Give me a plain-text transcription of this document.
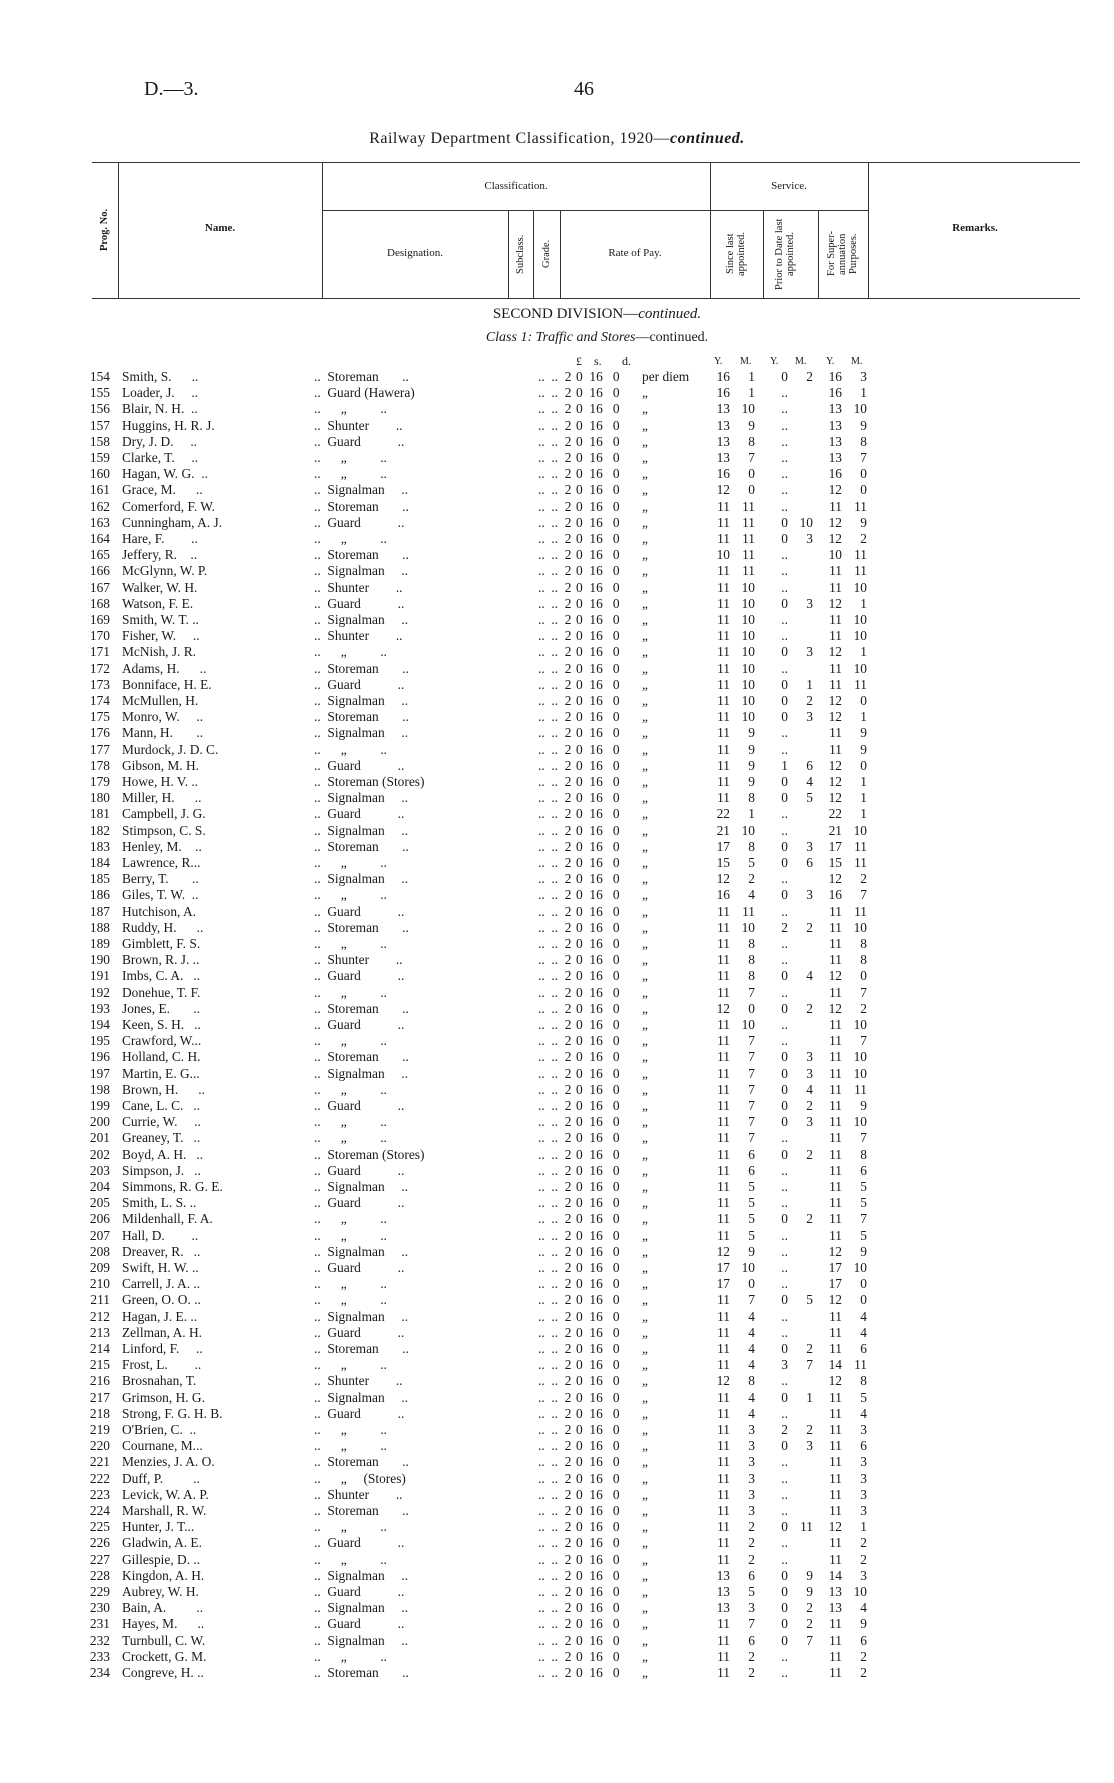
D.—3.	46
Railway Department Classification, 1920—continued.
Prog. No.	Name.
Classification.
Designation.	Subclass. Grade.	Rate of Pay.
Service.
Since last appointed.	Prior to Date last appointed.	For Super-annuation Purposes.
Remarks.
SECOND DIVISION—continued.
Class 1: Traffic and Stores—continued.
£ s. d.	Y. M. Y. M. Y. M.
154 Smith, S.      ..	..  Storeman       ..	..  ..  2 0  16   0 per diem	16	1	0	2	16	3
155 Loader, J.     ..	..  Guard (Hawera)	..  ..  2 0  16   0 „	16	1	..	16	1
156 Blair, N. H.  ..	..      „          ..	..  ..  2 0  16   0 „	13 10	..	13 10
157 Huggins, H. R. J.	..  Shunter        ..	..  ..  2 0  16   0 „	13	9	..	13	9
158 Dry, J. D.     ..	..  Guard           ..	..  ..  2 0  16   0 „	13	8	..	13	8
159 Clarke, T.     ..	..      „          ..	..  ..  2 0  16   0 „	13	7	..	13	7
160 Hagan, W. G.  ..	..      „          ..	..  ..  2 0  16   0 „	16	0	..	16	0
161 Grace, M.      ..	..  Signalman     ..	..  ..  2 0  16   0 „	12	0	..	12	0
162 Comerford, F. W.	..  Storeman       ..	..  ..  2 0  16   0 „	11 11	..	11 11
163 Cunningham, A. J.	..  Guard           ..	..  ..  2 0  16   0 „	11 11	0 10	12	9
164 Hare, F.        ..	..      „          ..	..  ..  2 0  16   0 „	11 11	0	3	12	2
165 Jeffery, R.    ..	..  Storeman       ..	..  ..  2 0  16   0 „	10 11	..	10 11
166 McGlynn, W. P.	..  Signalman     ..	..  ..  2 0  16   0 „	11 11	..	11 11
167 Walker, W. H.	..  Shunter        ..	..  ..  2 0  16   0 „	11 10	..	11 10
168 Watson, F. E.	..  Guard           ..	..  ..  2 0  16   0 „	11 10	0	3	12	1
169 Smith, W. T. ..	..  Signalman     ..	..  ..  2 0  16   0 „	11 10	..	11 10
170 Fisher, W.     ..	..  Shunter        ..	..  ..  2 0  16   0 „	11 10	..	11 10
171 McNish, J. R.	..      „          ..	..  ..  2 0  16   0 „	11 10	0	3	12	1
172 Adams, H.      ..	..  Storeman       ..	..  ..  2 0  16   0 „	11 10	..	11 10
173 Bonniface, H. E.	..  Guard           ..	..  ..  2 0  16   0 „	11 10	0	1	11 11
174 McMullen, H.	..  Signalman     ..	..  ..  2 0  16   0 „	11 10	0	2	12	0
175 Monro, W.     ..	..  Storeman       ..	..  ..  2 0  16   0 „	11 10	0	3	12	1
176 Mann, H.       ..	..  Signalman     ..	..  ..  2 0  16   0 „	11	9	..	11	9
177 Murdock, J. D. C.	..      „          ..	..  ..  2 0  16   0 „	11	9	..	11	9
178 Gibson, M. H.	..  Guard           ..	..  ..  2 0  16   0 „	11	9	1	6	12	0
179 Howe, H. V. ..	..  Storeman (Stores)	..  ..  2 0  16   0 „	11	9	0	4	12	1
180 Miller, H.      ..	..  Signalman     ..	..  ..  2 0  16   0 „	11	8	0	5	12	1
181 Campbell, J. G.	..  Guard           ..	..  ..  2 0  16   0 „	22	1	..	22	1
182 Stimpson, C. S.	..  Signalman     ..	..  ..  2 0  16   0 „	21 10	..	21 10
183 Henley, M.    ..	..  Storeman       ..	..  ..  2 0  16   0 „	17	8	0	3	17 11
184 Lawrence, R...	..      „          ..	..  ..  2 0  16   0 „	15	5	0	6	15 11
185 Berry, T.       ..	..  Signalman     ..	..  ..  2 0  16   0 „	12	2	..	12	2
186 Giles, T. W.  ..	..      „          ..	..  ..  2 0  16   0 „	16	4	0	3	16	7
187 Hutchison, A.	..  Guard           ..	..  ..  2 0  16   0 „	11 11	..	11 11
188 Ruddy, H.      ..	..  Storeman       ..	..  ..  2 0  16   0 „	11 10	2	2	11 10
189 Gimblett, F. S.	..      „          ..	..  ..  2 0  16   0 „	11	8	..	11	8
190 Brown, R. J. ..	..  Shunter        ..	..  ..  2 0  16   0 „	11	8	..	11	8
191 Imbs, C. A.   ..	..  Guard           ..	..  ..  2 0  16   0 „	11	8	0	4	12	0
192 Donehue, T. F.	..      „          ..	..  ..  2 0  16   0 „	11	7	..	11	7
193 Jones, E.       ..	..  Storeman       ..	..  ..  2 0  16   0 „	12	0	0	2	12	2
194 Keen, S. H.   ..	..  Guard           ..	..  ..  2 0  16   0 „	11 10	..	11 10
195 Crawford, W...	..      „          ..	..  ..  2 0  16   0 „	11	7	..	11	7
196 Holland, C. H.	..  Storeman       ..	..  ..  2 0  16   0 „	11	7	0	3	11 10
197 Martin, E. G...	..  Signalman     ..	..  ..  2 0  16   0 „	11	7	0	3	11 10
198 Brown, H.      ..	..      „          ..	..  ..  2 0  16   0 „	11	7	0	4	11 11
199 Cane, L. C.   ..	..  Guard           ..	..  ..  2 0  16   0 „	11	7	0	2	11	9
200 Currie, W.     ..	..      „          ..	..  ..  2 0  16   0 „	11	7	0	3	11 10
201 Greaney, T.   ..	..      „          ..	..  ..  2 0  16   0 „	11	7	..	11	7
202 Boyd, A. H.   ..	..  Storeman (Stores)	..  ..  2 0  16   0 „	11	6	0	2	11	8
203 Simpson, J.   ..	..  Guard           ..	..  ..  2 0  16   0 „	11	6	..	11	6
204 Simmons, R. G. E.	..  Signalman     ..	..  ..  2 0  16   0 „	11	5	..	11	5
205 Smith, L. S. ..	..  Guard           ..	..  ..  2 0  16   0 „	11	5	..	11	5
206 Mildenhall, F. A.	..      „          ..	..  ..  2 0  16   0 „	11	5	0	2	11	7
207 Hall, D.        ..	..      „          ..	..  ..  2 0  16   0 „	11	5	..	11	5
208 Dreaver, R.   ..	..  Signalman     ..	..  ..  2 0  16   0 „	12	9	..	12	9
209 Swift, H. W. ..	..  Guard           ..	..  ..  2 0  16   0 „	17 10	..	17 10
210 Carrell, J. A. ..	..      „          ..	..  ..  2 0  16   0 „	17	0	..	17	0
211 Green, O. O. ..	..      „          ..	..  ..  2 0  16   0 „	11	7	0	5	12	0
212 Hagan, J. E. ..	..  Signalman     ..	..  ..  2 0  16   0 „	11	4	..	11	4
213 Zellman, A. H.	..  Guard           ..	..  ..  2 0  16   0 „	11	4	..	11	4
214 Linford, F.     ..	..  Storeman       ..	..  ..  2 0  16   0 „	11	4	0	2	11	6
215 Frost, L.        ..	..      „          ..	..  ..  2 0  16   0 „	11	4	3	7	14 11
216 Brosnahan, T.	..  Shunter        ..	..  ..  2 0  16   0 „	12	8	..	12	8
217 Grimson, H. G.	..  Signalman     ..	..  ..  2 0  16   0 „	11	4	0	1	11	5
218 Strong, F. G. H. B.	..  Guard           ..	..  ..  2 0  16   0 „	11	4	..	11	4
219 O'Brien, C.  ..	..      „          ..	..  ..  2 0  16   0 „	11	3	2	2	11	3
220 Cournane, M...	..      „          ..	..  ..  2 0  16   0 „	11	3	0	3	11	6
221 Menzies, J. A. O.	..  Storeman       ..	..  ..  2 0  16   0 „	11	3	..	11	3
222 Duff, P.         ..	..      „     (Stores)	..  ..  2 0  16   0 „	11	3	..	11	3
223 Levick, W. A. P.	..  Shunter        ..	..  ..  2 0  16   0 „	11	3	..	11	3
224 Marshall, R. W.	..  Storeman       ..	..  ..  2 0  16   0 „	11	3	..	11	3
225 Hunter, J. T...	..      „          ..	..  ..  2 0  16   0 „	11	2	0 11	12	1
226 Gladwin, A. E.	..  Guard           ..	..  ..  2 0  16   0 „	11	2	..	11	2
227 Gillespie, D. ..	..      „          ..	..  ..  2 0  16   0 „	11	2	..	11	2
228 Kingdon, A. H.	..  Signalman     ..	..  ..  2 0  16   0 „	13	6	0	9	14	3
229 Aubrey, W. H.	..  Guard           ..	..  ..  2 0  16   0 „	13	5	0	9	13 10
230 Bain, A.         ..	..  Signalman     ..	..  ..  2 0  16   0 „	13	3	0	2	13	4
231 Hayes, M.      ..	..  Guard           ..	..  ..  2 0  16   0 „	11	7	0	2	11	9
232 Turnbull, C. W.	..  Signalman     ..	..  ..  2 0  16   0 „	11	6	0	7	11	6
233 Crockett, G. M.	..      „          ..	..  ..  2 0  16   0 „	11	2	..	11	2
234 Congreve, H. ..	..  Storeman       ..	..  ..  2 0  16   0 „	11	2	..	11	2
